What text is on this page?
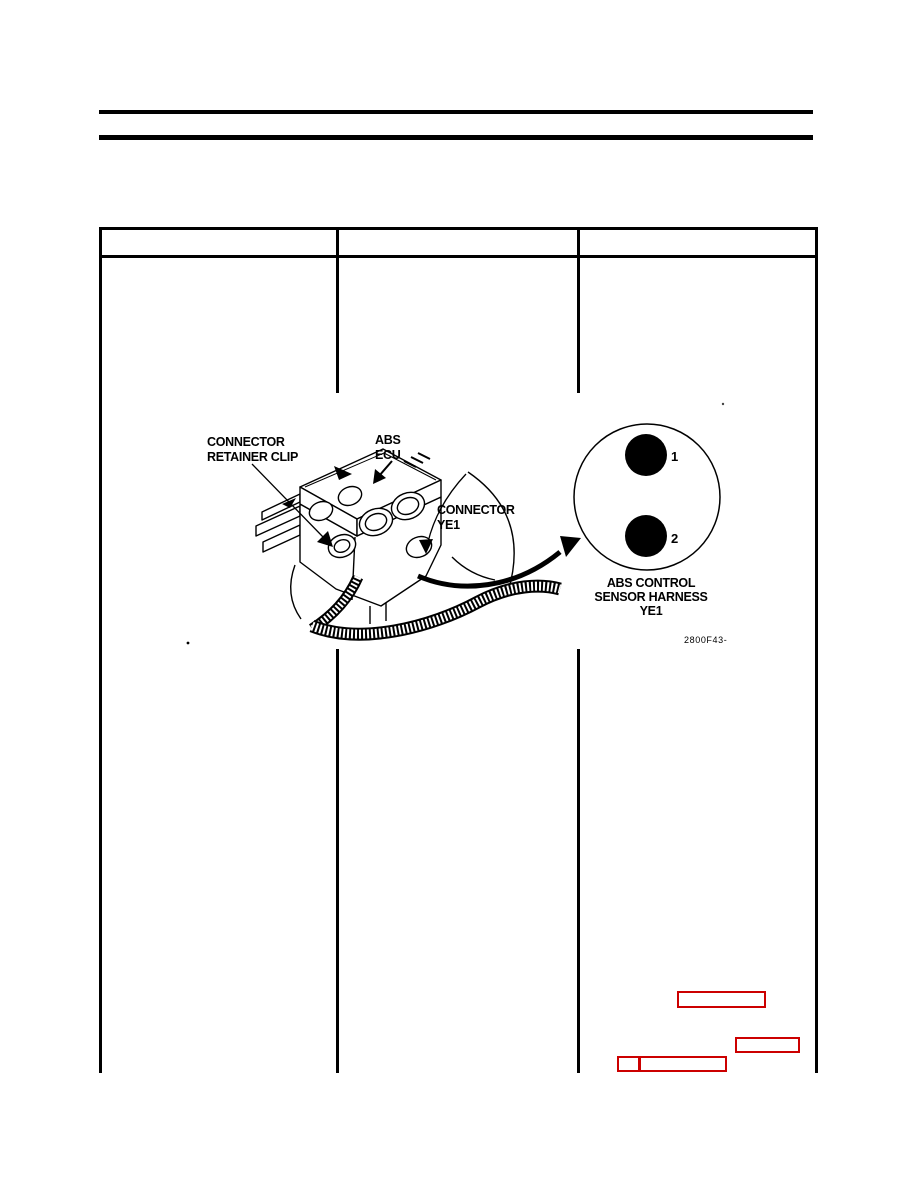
CONNECTOR
RETAINER CLIP
ABS
ECU
CONNECTOR
YE1
1
2
ABS CONTROL
SENSOR HARNESS
YE1
2800F43-
